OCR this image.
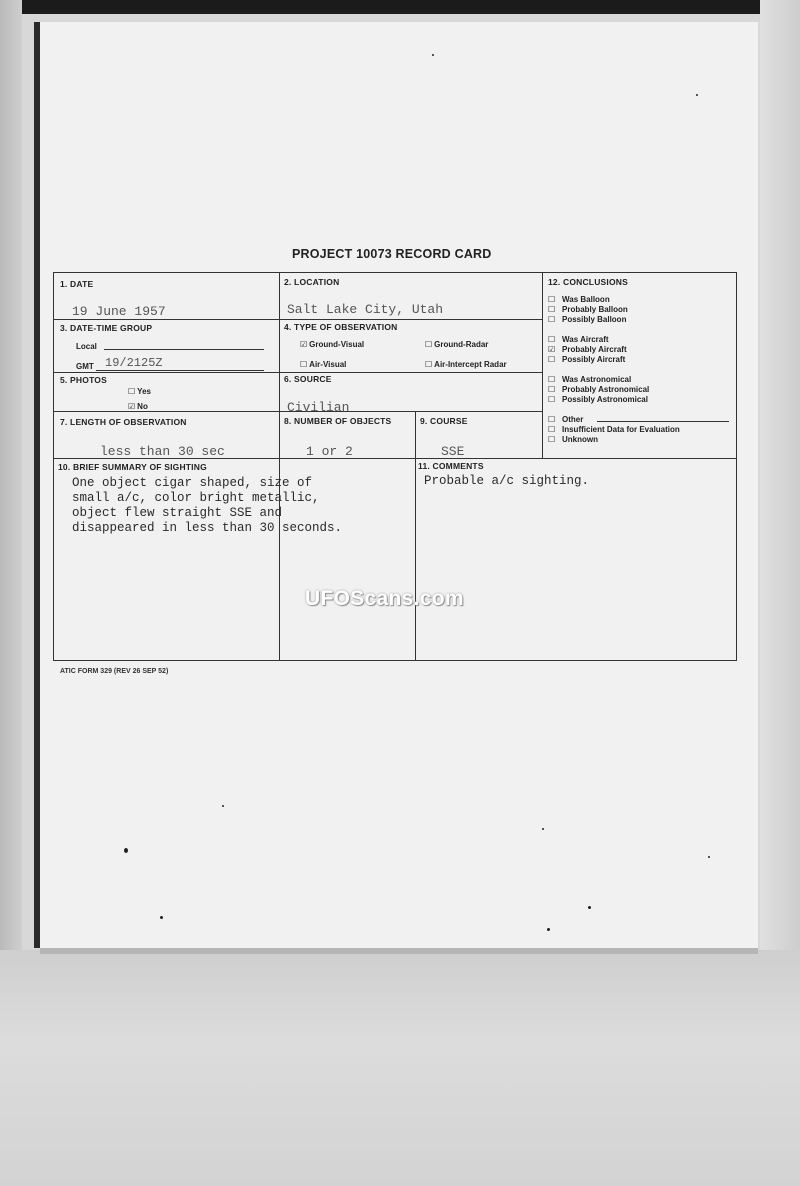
PROJECT 10073 RECORD CARD
1. DATE
19 June 1957
2. LOCATION
Salt Lake City, Utah
3. DATE-TIME GROUP
Local
GMT 19/2125Z
4. TYPE OF OBSERVATION
☑ Ground-Visual	☐ Ground-Radar
☐ Air-Visual	☐ Air-Intercept Radar
5. PHOTOS
☐ Yes
☑ No
6. SOURCE
Civilian
7. LENGTH OF OBSERVATION
less than 30 sec
8. NUMBER OF OBJECTS
1 or 2
9. COURSE
SSE
10. BRIEF SUMMARY OF SIGHTING
One object cigar shaped, size of
small a/c, color bright metallic,
object flew straight SSE and
disappeared in less than 30 seconds.
11. COMMENTS
Probable a/c sighting.
12. CONCLUSIONS
☐ Was Balloon
☐ Probably Balloon
☐ Possibly Balloon
☐ Was Aircraft
☑ Probably Aircraft
☐ Possibly Aircraft
☐ Was Astronomical
☐ Probably Astronomical
☐ Possibly Astronomical
☐ Other
☐ Insufficient Data for Evaluation
☐ Unknown
UFOScans.com
ATIC FORM 329 (REV 26 SEP 52)
